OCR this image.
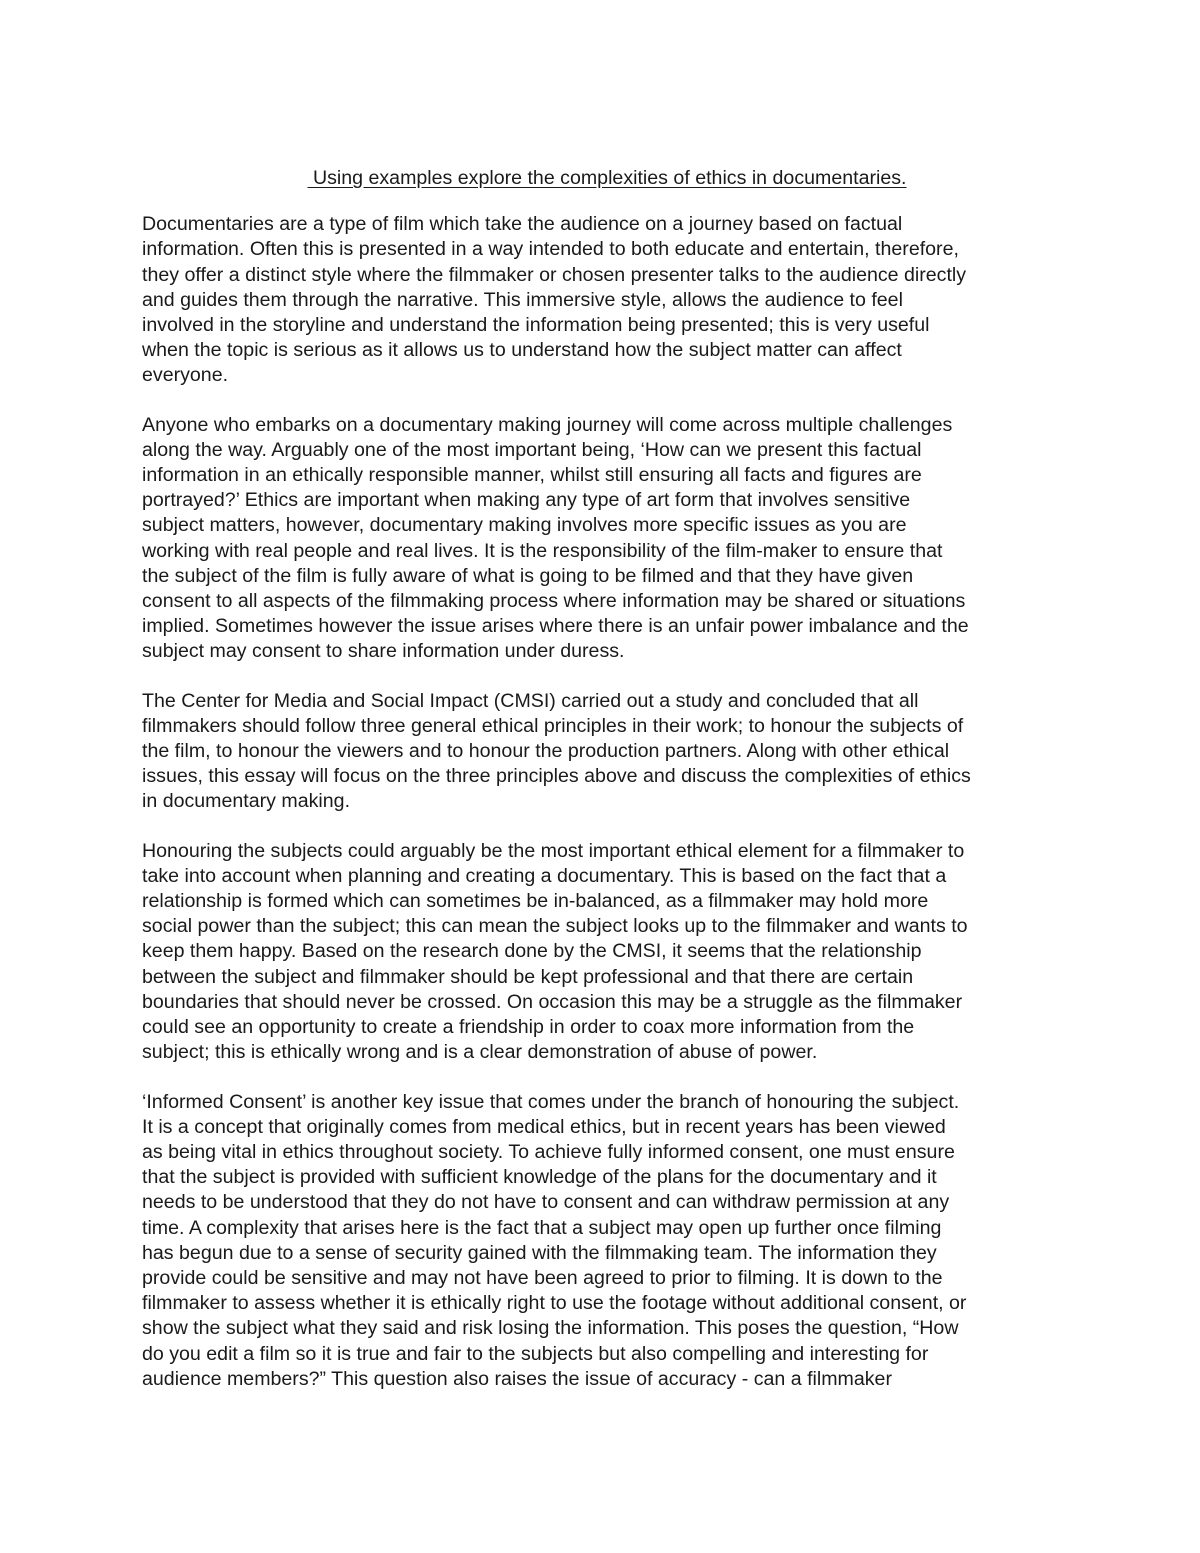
Using examples explore the complexities of ethics in documentaries.

Documentaries are a type of film which take the audience on a journey based on factual
information. Often this is presented in a way intended to both educate and entertain, therefore,
they offer a distinct style where the filmmaker or chosen presenter talks to the audience directly
and guides them through the narrative. This immersive style, allows the audience to feel
involved in the storyline and understand the information being presented; this is very useful
when the topic is serious as it allows us to understand how the subject matter can affect
everyone.

Anyone who embarks on a documentary making journey will come across multiple challenges
along the way. Arguably one of the most important being, ‘How can we present this factual
information in an ethically responsible manner, whilst still ensuring all facts and figures are
portrayed?’ Ethics are important when making any type of art form that involves sensitive
subject matters, however, documentary making involves more specific issues as you are
working with real people and real lives. It is the responsibility of the film-maker to ensure that
the subject of the film is fully aware of what is going to be filmed and that they have given
consent to all aspects of the filmmaking process where information may be shared or situations
implied. Sometimes however the issue arises where there is an unfair power imbalance and the
subject may consent to share information under duress.

The Center for Media and Social Impact (CMSI) carried out a study and concluded that all
filmmakers should follow three general ethical principles in their work; to honour the subjects of
the film, to honour the viewers and to honour the production partners. Along with other ethical
issues, this essay will focus on the three principles above and discuss the complexities of ethics
in documentary making.

Honouring the subjects could arguably be the most important ethical element for a filmmaker to
take into account when planning and creating a documentary. This is based on the fact that a
relationship is formed which can sometimes be in-balanced, as a filmmaker may hold more
social power than the subject; this can mean the subject looks up to the filmmaker and wants to
keep them happy. Based on the research done by the CMSI, it seems that the relationship
between the subject and filmmaker should be kept professional and that there are certain
boundaries that should never be crossed. On occasion this may be a struggle as the filmmaker
could see an opportunity to create a friendship in order to coax more information from the
subject; this is ethically wrong and is a clear demonstration of abuse of power.

‘Informed Consent’ is another key issue that comes under the branch of honouring the subject.
It is a concept that originally comes from medical ethics, but in recent years has been viewed
as being vital in ethics throughout society. To achieve fully informed consent, one must ensure
that the subject is provided with sufficient knowledge of the plans for the documentary and it
needs to be understood that they do not have to consent and can withdraw permission at any
time. A complexity that arises here is the fact that a subject may open up further once filming
has begun due to a sense of security gained with the filmmaking team. The information they
provide could be sensitive and may not have been agreed to prior to filming. It is down to the
filmmaker to assess whether it is ethically right to use the footage without additional consent, or
show the subject what they said and risk losing the information. This poses the question, “How
do you edit a film so it is true and fair to the subjects but also compelling and interesting for
audience members?” This question also raises the issue of accuracy - can a filmmaker
